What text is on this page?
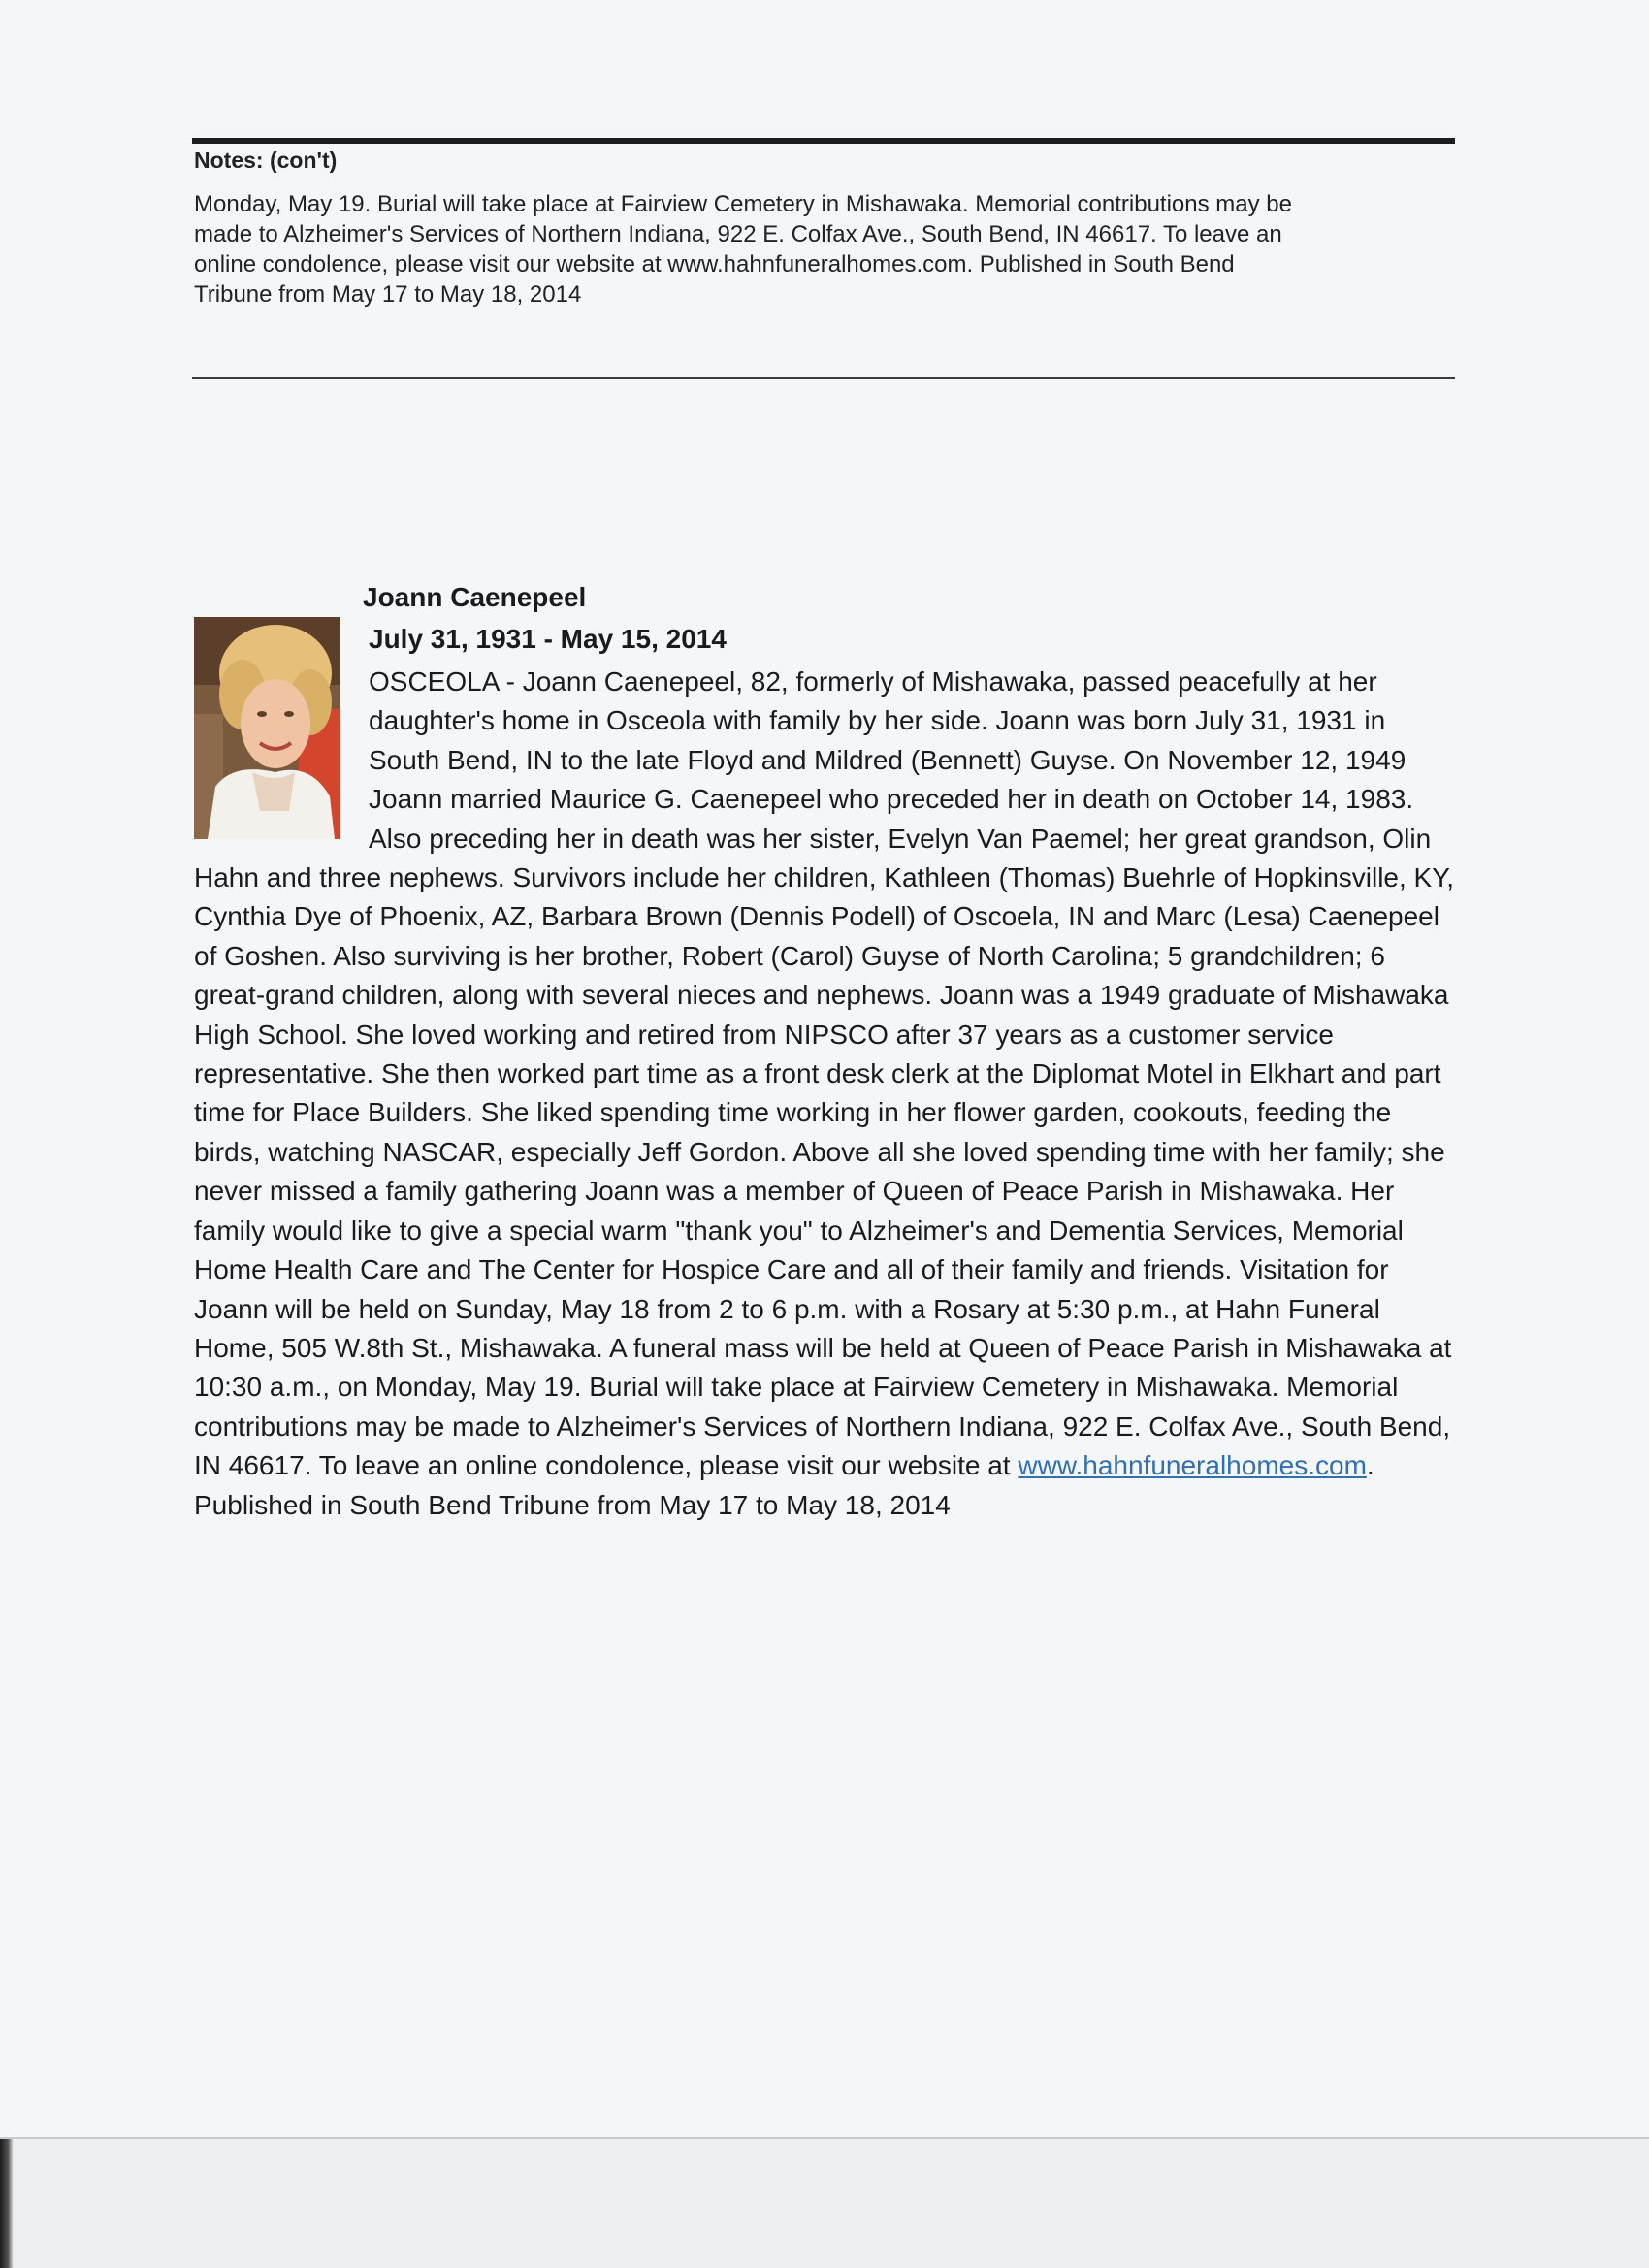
Notes: (con't)
Monday, May 19. Burial will take place at Fairview Cemetery in Mishawaka. Memorial contributions may be
made to Alzheimer's Services of Northern Indiana, 922 E. Colfax Ave., South Bend, IN 46617. To leave an
online condolence, please visit our website at www.hahnfuneralhomes.com. Published in South Bend
Tribune from May 17 to May 18, 2014
Joann Caenepeel
July 31, 1931 - May 15, 2014

OSCEOLA - Joann Caenepeel, 82, formerly of Mishawaka, passed peacefully at her daughter's home in Osceola with family by her side. Joann was born July 31, 1931 in South Bend, IN to the late Floyd and Mildred (Bennett) Guyse. On November 12, 1949 Joann married Maurice G. Caenepeel who preceded her in death on October 14, 1983. Also preceding her in death was her sister, Evelyn Van Paemel; her great grandson, Olin Hahn and three nephews. Survivors include her children, Kathleen (Thomas) Buehrle of Hopkinsville, KY, Cynthia Dye of Phoenix, AZ, Barbara Brown (Dennis Podell) of Oscoela, IN and Marc (Lesa) Caenepeel of Goshen. Also surviving is her brother, Robert (Carol) Guyse of North Carolina; 5 grandchildren; 6 great-grand children, along with several nieces and nephews. Joann was a 1949 graduate of Mishawaka High School. She loved working and retired from NIPSCO after 37 years as a customer service representative. She then worked part time as a front desk clerk at the Diplomat Motel in Elkhart and part time for Place Builders. She liked spending time working in her flower garden, cookouts, feeding the birds, watching NASCAR, especially Jeff Gordon. Above all she loved spending time with her family; she never missed a family gathering Joann was a member of Queen of Peace Parish in Mishawaka. Her family would like to give a special warm "thank you" to Alzheimer's and Dementia Services, Memorial Home Health Care and The Center for Hospice Care and all of their family and friends. Visitation for Joann will be held on Sunday, May 18 from 2 to 6 p.m. with a Rosary at 5:30 p.m., at Hahn Funeral Home, 505 W.8th St., Mishawaka. A funeral mass will be held at Queen of Peace Parish in Mishawaka at 10:30 a.m., on Monday, May 19. Burial will take place at Fairview Cemetery in Mishawaka. Memorial contributions may be made to Alzheimer's Services of Northern Indiana, 922 E. Colfax Ave., South Bend, IN 46617. To leave an online condolence, please visit our website at www.hahnfuneralhomes.com. Published in South Bend Tribune from May 17 to May 18, 2014
